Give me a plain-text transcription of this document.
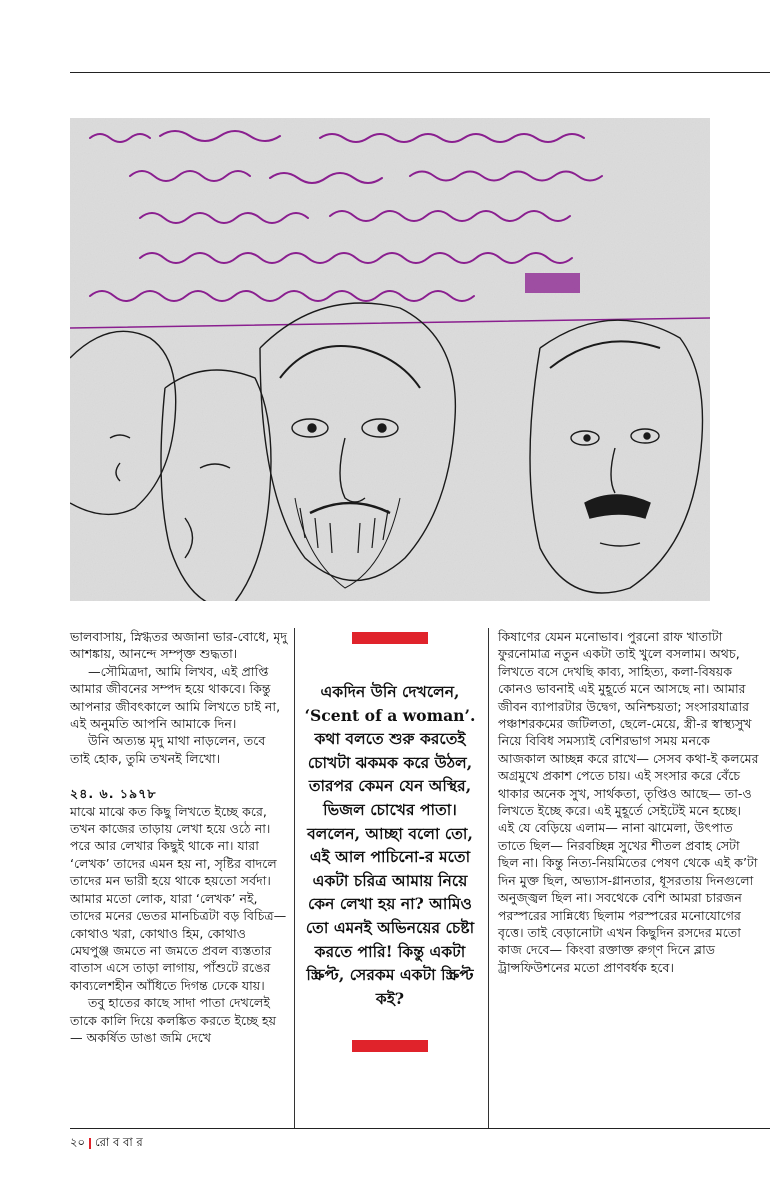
ভালবাসায়, স্নিগ্ধতর অজানা ভার-বোধে, মৃদু আশঙ্কায়, আনন্দে সম্পৃক্ত শুদ্ধতা।

—সৌমিত্রদা, আমি লিখব, এই প্রাপ্তি আমার জীবনের সম্পদ হয়ে থাকবে। কিন্তু আপনার জীবৎকালে আমি লিখতে চাই না, এই অনুমতি আপনি আমাকে দিন।

উনি অত্যন্ত মৃদু মাথা নাড়লেন, তবে তাই হোক, তুমি তখনই লিখো।

২৪. ৬. ১৯৭৮

মাঝে মাঝে কত কিছু লিখতে ইচ্ছে করে, তখন কাজের তাড়ায় লেখা হয়ে ওঠে না। পরে আর লেখার কিছুই থাকে না। যারা ‘লেখক’ তাদের এমন হয় না, সৃষ্টির বাদলে তাদের মন ভারী হয়ে থাকে হয়তো সর্বদা। আমার মতো লোক, যারা ‘লেখক’ নই, তাদের মনের ভেতর মানচিত্রটা বড় বিচিত্র— কোথাও খরা, কোথাও হিম, কোথাও মেঘপুঞ্জ জমতে না জমতে প্রবল ব্যস্ততার বাতাস এসে তাড়া লাগায়, পাঁশুটে রঙের কাব্যলেশহীন আঁধিতে দিগন্ত ঢেকে যায়।

তবু হাতের কাছে সাদা পাতা দেখলেই তাকে কালি দিয়ে কলঙ্কিত করতে ইচ্ছে হয়— অকর্ষিত ডাঙা জমি দেখে

একদিন উনি দেখলেন, ‘Scent of a woman’. কথা বলতে শুরু করতেই চোখটা ঝকমক করে উঠল, তারপর কেমন যেন অস্থির, ভিজল চোখের পাতা। বললেন, আচ্ছা বলো তো, এই আল পাচিনো-র মতো একটা চরিত্র আমায় নিয়ে কেন লেখা হয় না? আমিও তো এমনই অভিনয়ের চেষ্টা করতে পারি! কিন্তু একটা স্ক্রিপ্ট, সেরকম একটা স্ক্রিপ্ট কই?

কিষাণের যেমন মনোভাব। পুরনো রাফ খাতাটা ফুরনোমাত্র নতুন একটা তাই খুলে বসলাম। অথচ, লিখতে বসে দেখছি কাব্য, সাহিত্য, কলা-বিষয়ক কোনও ভাবনাই এই মুহূর্তে মনে আসছে না। আমার জীবন ব্যাপারটার উদ্বেগ, অনিশ্চয়তা; সংসারযাত্রার পঞ্চাশরকমের জটিলতা, ছেলে-মেয়ে, স্ত্রী-র স্বাস্থ্যসুখ নিয়ে বিবিধ সমস্যাই বেশিরভাগ সময় মনকে আজকাল আচ্ছন্ন করে রাখে— সেসব কথা-ই কলমের অগ্রমুখে প্রকাশ পেতে চায়। এই সংসার করে বেঁচে থাকার অনেক সুখ, সার্থকতা, তৃপ্তিও আছে— তা-ও লিখতে ইচ্ছে করে। এই মুহূর্তে সেইটেই মনে হচ্ছে। এই যে বেড়িয়ে এলাম— নানা ঝামেলা, উৎপাত তাতে ছিল— নিরবচ্ছিন্ন সুখের শীতল প্রবাহ সেটা ছিল না। কিন্তু নিত্য-নিয়মিতের পেষণ থেকে এই ক’টা দিন মুক্ত ছিল, অভ্যাস-গ্লানতার, ধূসরতায় দিনগুলো অনুজ্জ্বল ছিল না। সবথেকে বেশি আমরা চারজন পরস্পরের সান্নিধ্যে ছিলাম পরস্পরের মনোযোগের বৃত্তে। তাই বেড়ানোটা এখন কিছুদিন রসদের মতো কাজ দেবে— কিংবা রক্তাক্ত রুগ্‌ণ দিনে ব্লাড ট্রান্সফিউশনের মতো প্রাণবর্ধক হবে।

২০ রো ব বা র
